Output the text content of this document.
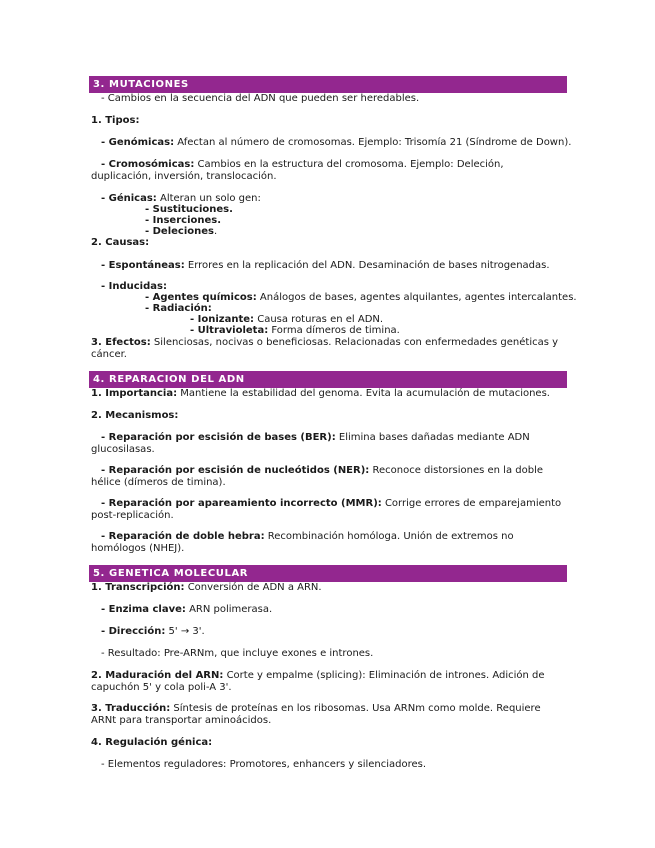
3. MUTACIONES
- Cambios en la secuencia del ADN que pueden ser heredables.
1. Tipos:
- Genómicas: Afectan al número de cromosomas. Ejemplo: Trisomía 21 (Síndrome de Down).
- Cromosómicas: Cambios en la estructura del cromosoma. Ejemplo: Deleción, duplicación, inversión, translocación.
- Génicas: Alteran un solo gen:
- Sustituciones.
- Inserciones.
- Deleciones.
2. Causas:
- Espontáneas: Errores en la replicación del ADN. Desaminación de bases nitrogenadas.
- Inducidas:
- Agentes químicos: Análogos de bases, agentes alquilantes, agentes intercalantes.
- Radiación:
- Ionizante: Causa roturas en el ADN.
- Ultravioleta: Forma dímeros de timina.
3. Efectos: Silenciosas, nocivas o beneficiosas. Relacionadas con enfermedades genéticas y cáncer.
4. REPARACION DEL ADN
1. Importancia: Mantiene la estabilidad del genoma. Evita la acumulación de mutaciones.
2. Mecanismos:
- Reparación por escisión de bases (BER): Elimina bases dañadas mediante ADN glucosilasas.
- Reparación por escisión de nucleótidos (NER): Reconoce distorsiones en la doble hélice (dímeros de timina).
- Reparación por apareamiento incorrecto (MMR): Corrige errores de emparejamiento post-replicación.
- Reparación de doble hebra: Recombinación homóloga. Unión de extremos no homólogos (NHEJ).
5. GENETICA MOLECULAR
1. Transcripción: Conversión de ADN a ARN.
- Enzima clave: ARN polimerasa.
- Dirección: 5' → 3'.
- Resultado: Pre-ARNm, que incluye exones e intrones.
2. Maduración del ARN: Corte y empalme (splicing): Eliminación de intrones. Adición de capuchón 5' y cola poli-A 3'.
3. Traducción: Síntesis de proteínas en los ribosomas. Usa ARNm como molde. Requiere ARNt para transportar aminoácidos.
4. Regulación génica:
- Elementos reguladores: Promotores, enhancers y silenciadores.
